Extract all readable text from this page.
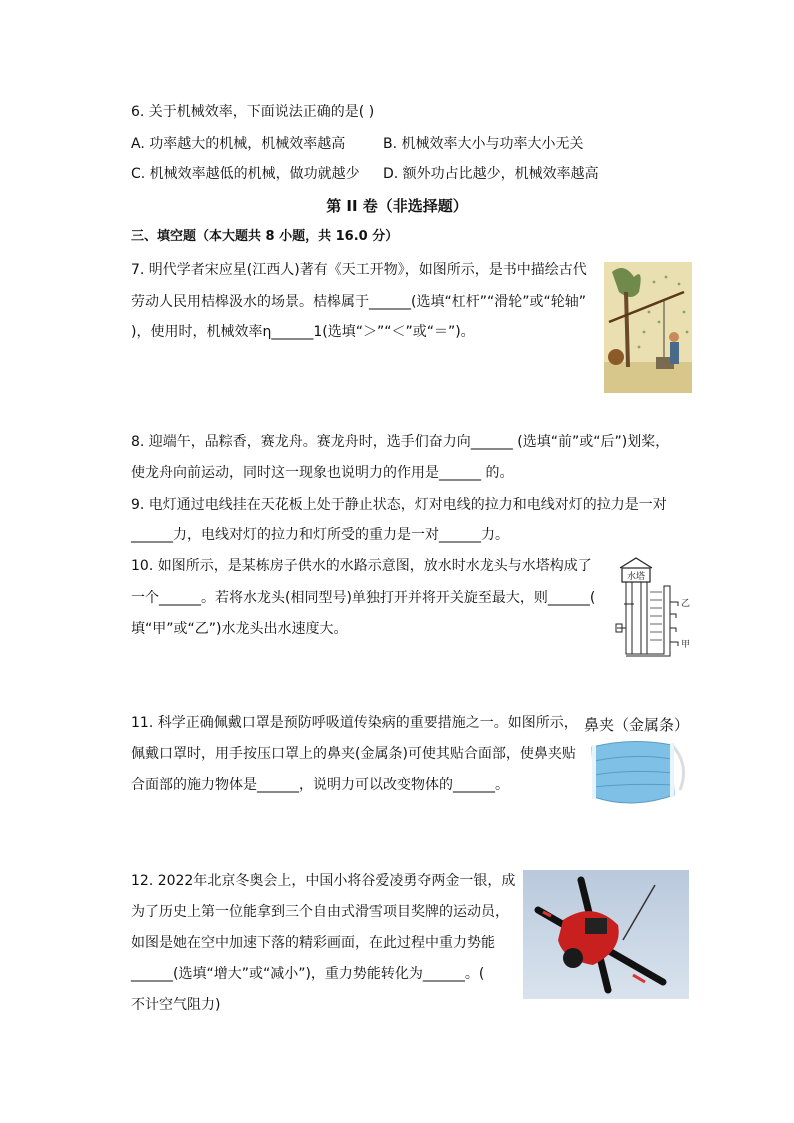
6. 关于机械效率，下面说法正确的是( )
A. 功率越大的机械，机械效率越高	B. 机械效率大小与功率大小无关
C. 机械效率越低的机械，做功就越少 D. 额外功占比越少，机械效率越高
第 II 卷（非选择题）
三、填空题（本大题共 8 小题，共 16.0 分）
7. 明代学者宋应星(江西人)著有《天工开物》，如图所示，是书中描绘古代
劳动人民用桔槔汲水的场景。桔槔属于______(选填“杠杆”“滑轮”或“轮轴”
)，使用时，机械效率η______1(选填“＞”“＜”或“＝”)。
8. 迎端午，品粽香，赛龙舟。赛龙舟时，选手们奋力向______ (选填“前”或“后”)划桨，
使龙舟向前运动，同时这一现象也说明力的作用是______ 的。
9. 电灯通过电线挂在天花板上处于静止状态，灯对电线的拉力和电线对灯的拉力是一对
______力，电线对灯的拉力和灯所受的重力是一对______力。
10. 如图所示，是某栋房子供水的水路示意图，放水时水龙头与水塔构成了
一个______。若将水龙头(相同型号)单独打开并将开关旋至最大，则______(
填“甲”或“乙”)水龙头出水速度大。
水塔
乙
甲
11. 科学正确佩戴口罩是预防呼吸道传染病的重要措施之一。如图所示，
佩戴口罩时，用手按压口罩上的鼻夹(金属条)可使其贴合面部，使鼻夹贴
合面部的施力物体是______，说明力可以改变物体的______。
鼻夹（金属条）
12. 2022年北京冬奥会上，中国小将谷爱凌勇夺两金一银，成
为了历史上第一位能拿到三个自由式滑雪项目奖牌的运动员，
如图是她在空中加速下落的精彩画面，在此过程中重力势能
______(选填“增大”或“减小”)，重力势能转化为______。(
不计空气阻力)
